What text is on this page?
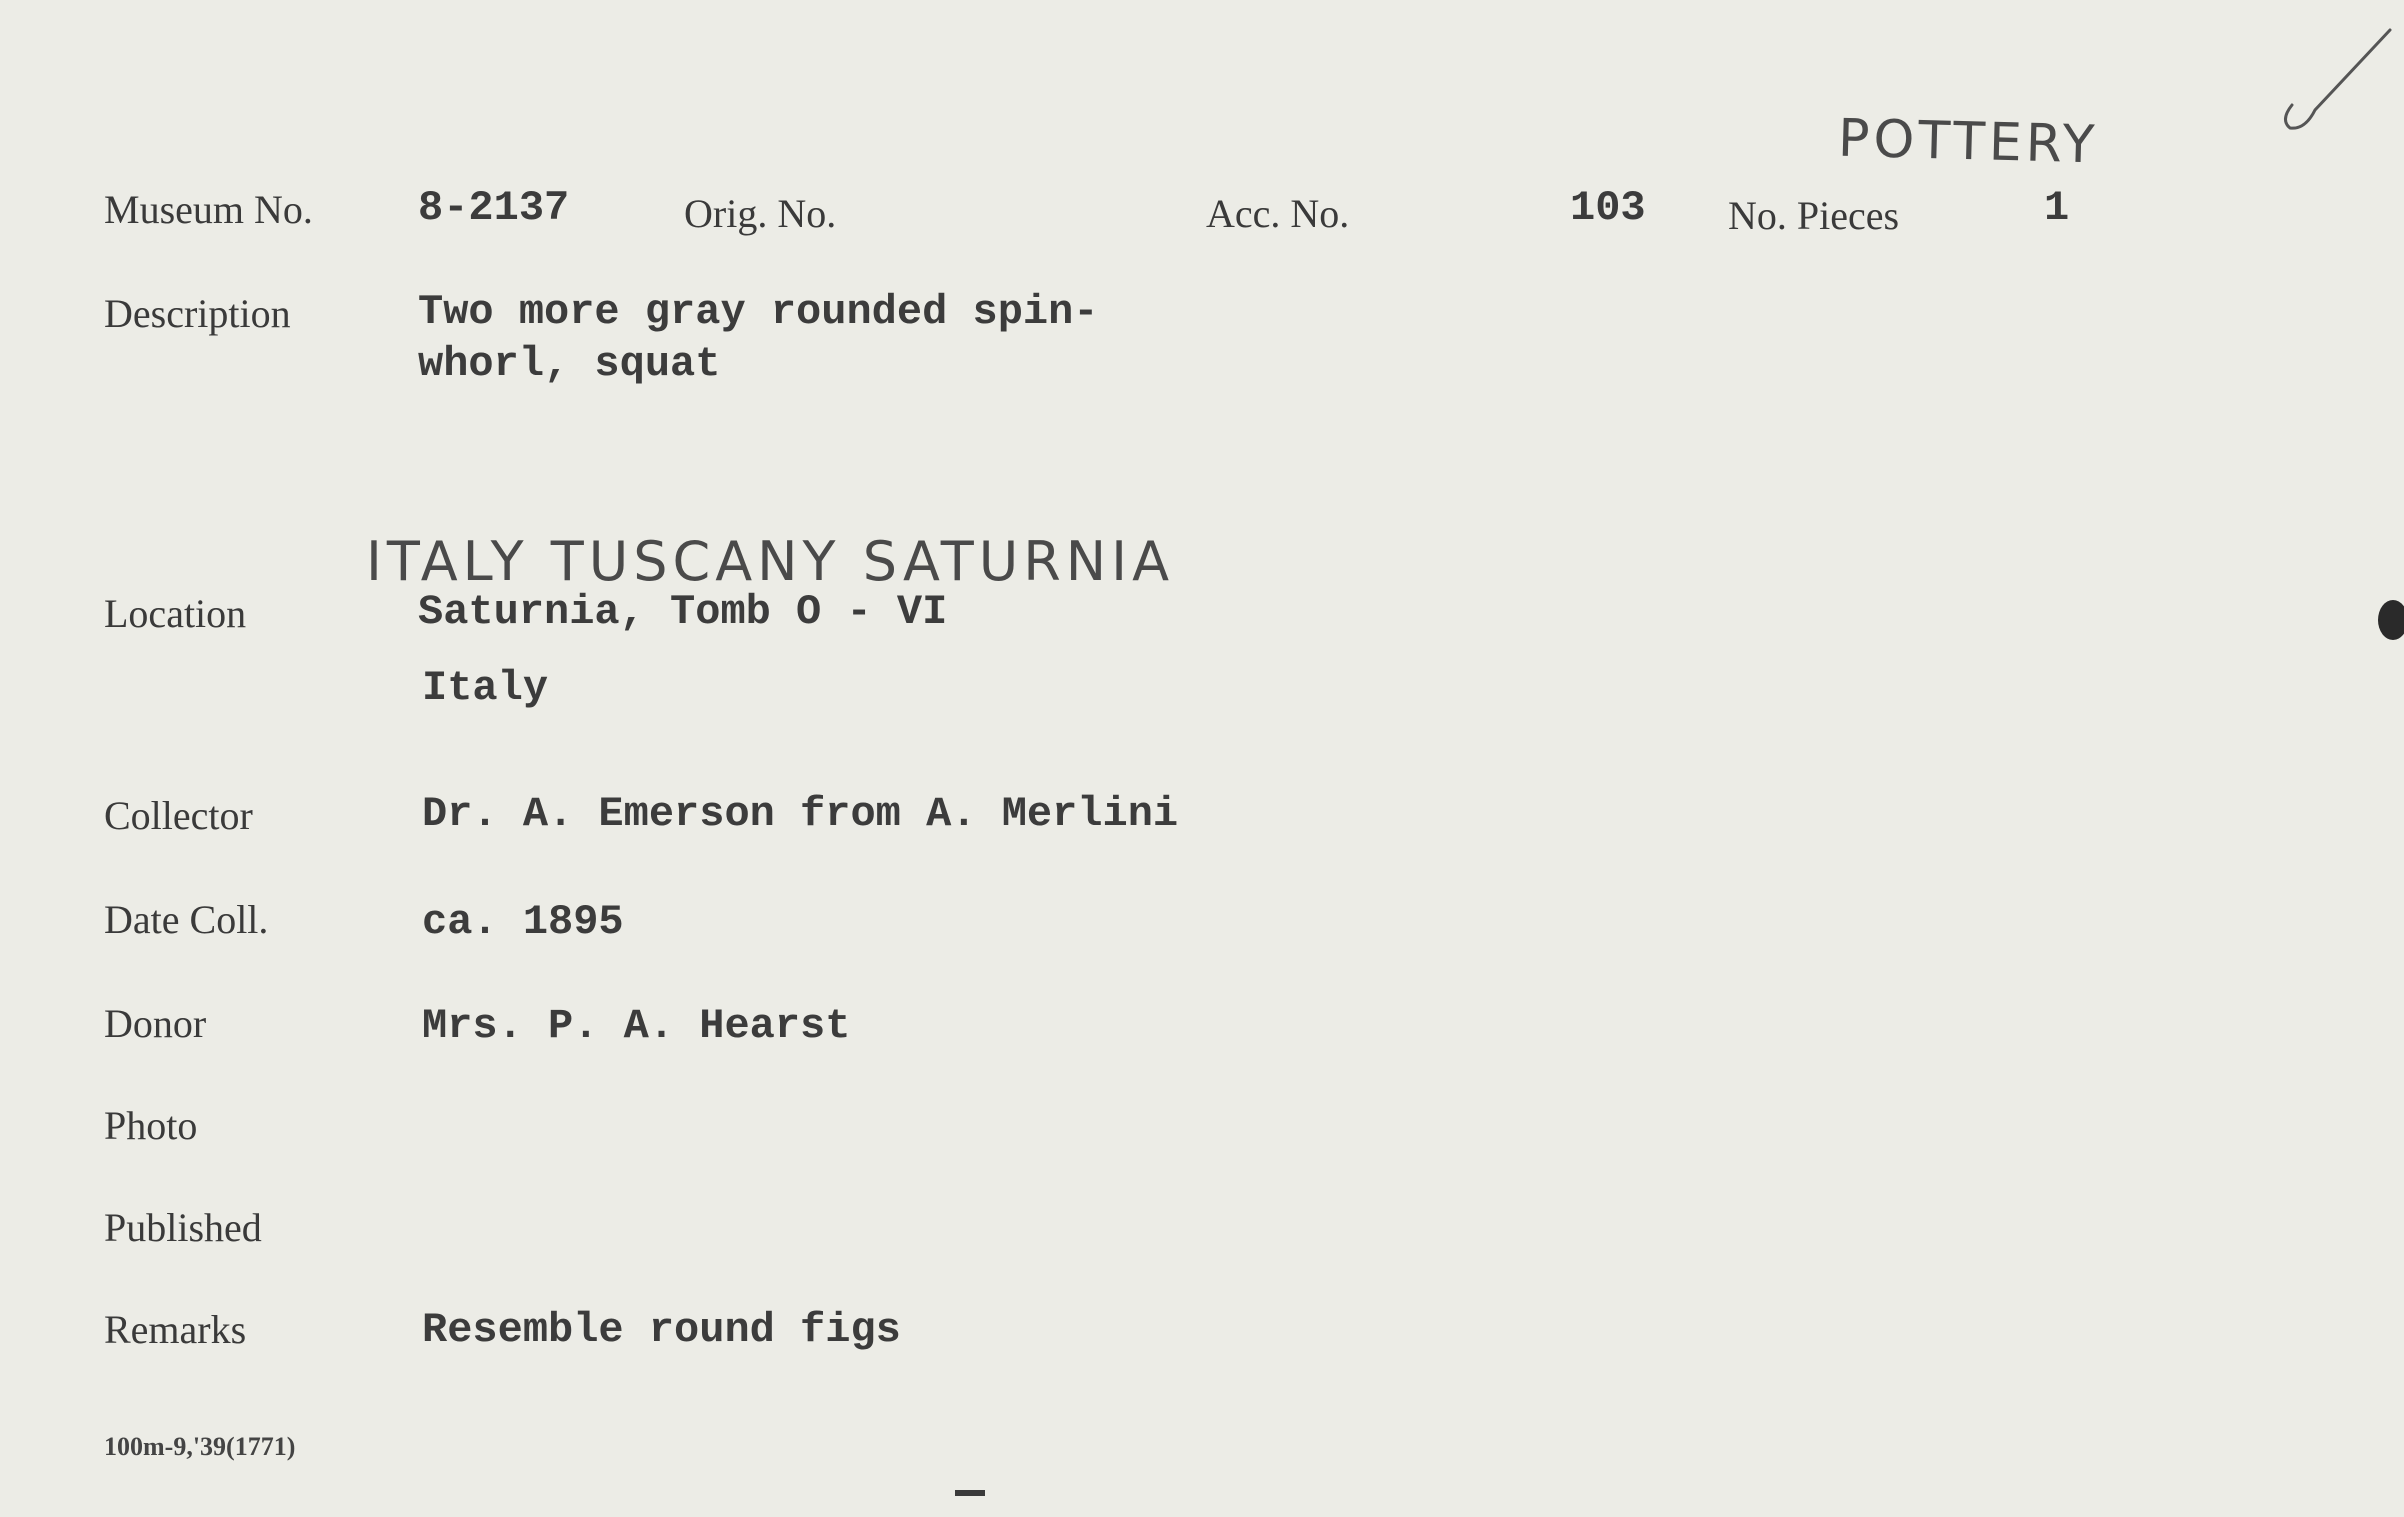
POTTERY
Museum No.	8-2137	Orig. No.	Acc. No.	103 No. Pieces	1
Description	Two more gray rounded spin-
whorl, squat
ITALY TUSCANY SATURNIA
Location	Saturnia, Tomb O - VI
Italy
Collector	Dr. A. Emerson from A. Merlini
Date Coll.	ca. 1895
Donor	Mrs. P. A. Hearst
Photo
Published
Remarks	Resemble round figs
100m-9,'39(1771)
